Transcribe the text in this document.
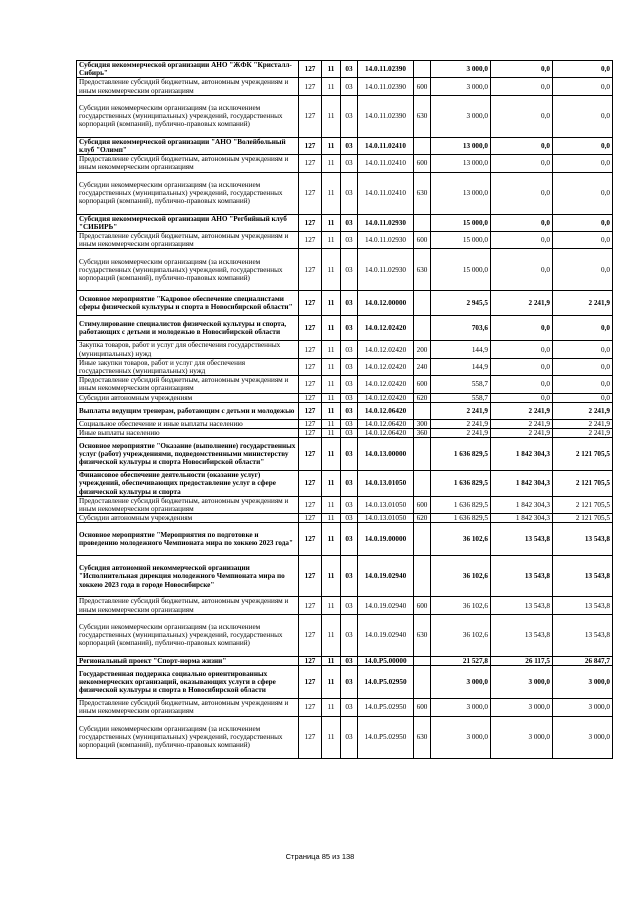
Субсидия некоммерческой организации АНО "ЖФК "Кристалл-Сибирь"	127	11	03	14.0.11.02390		3 000,0	0,0	0,0
Предоставление субсидий бюджетным, автономным учреждениям и иным некоммерческим организациям	127	11	03	14.0.11.02390	600	3 000,0	0,0	0,0
Субсидии некоммерческим организациям (за исключением государственных (муниципальных) учреждений, государственных корпораций (компаний), публично-правовых компаний)	127	11	03	14.0.11.02390	630	3 000,0	0,0	0,0
Субсидия некоммерческой организации "АНО "Волейбольный клуб "Олимп"	127	11	03	14.0.11.02410		13 000,0	0,0	0,0
Предоставление субсидий бюджетным, автономным учреждениям и иным некоммерческим организациям	127	11	03	14.0.11.02410	600	13 000,0	0,0	0,0
Субсидии некоммерческим организациям (за исключением государственных (муниципальных) учреждений, государственных корпораций (компаний), публично-правовых компаний)	127	11	03	14.0.11.02410	630	13 000,0	0,0	0,0
Субсидия некоммерческой организации АНО "Регбийный клуб "СИБИРЬ"	127	11	03	14.0.11.02930		15 000,0	0,0	0,0
Предоставление субсидий бюджетным, автономным учреждениям и иным некоммерческим организациям	127	11	03	14.0.11.02930	600	15 000,0	0,0	0,0
Субсидии некоммерческим организациям (за исключением государственных (муниципальных) учреждений, государственных корпораций (компаний), публично-правовых компаний)	127	11	03	14.0.11.02930	630	15 000,0	0,0	0,0
Основное мероприятие "Кадровое обеспечение специалистами сферы физической культуры и спорта в Новосибирской области"	127	11	03	14.0.12.00000		2 945,5	2 241,9	2 241,9
Стимулирование специалистов физической культуры и спорта, работающих с детьми и молодежью в Новосибирской области	127	11	03	14.0.12.02420		703,6	0,0	0,0
Закупка товаров, работ и услуг для обеспечения государственных (муниципальных) нужд	127	11	03	14.0.12.02420	200	144,9	0,0	0,0
Иные закупки товаров, работ и услуг для обеспечения государственных (муниципальных) нужд	127	11	03	14.0.12.02420	240	144,9	0,0	0,0
Предоставление субсидий бюджетным, автономным учреждениям и иным некоммерческим организациям	127	11	03	14.0.12.02420	600	558,7	0,0	0,0
Субсидии автономным учреждениям	127	11	03	14.0.12.02420	620	558,7	0,0	0,0
Выплаты ведущим тренерам, работающим с детьми и молодежью	127	11	03	14.0.12.06420		2 241,9	2 241,9	2 241,9
Социальное обеспечение и иные выплаты населению	127	11	03	14.0.12.06420	300	2 241,9	2 241,9	2 241,9
Иные выплаты населению	127	11	03	14.0.12.06420	360	2 241,9	2 241,9	2 241,9
Основное мероприятие "Оказание (выполнение) государственных услуг (работ) учреждениями, подведомственными министерству физической культуры и спорта Новосибирской области"	127	11	03	14.0.13.00000		1 636 829,5	1 842 304,3	2 121 705,5
Финансовое обеспечение деятельности (оказание услуг) учреждений, обеспечивающих предоставление услуг в сфере физической культуры и спорта	127	11	03	14.0.13.01050		1 636 829,5	1 842 304,3	2 121 705,5
Предоставление субсидий бюджетным, автономным учреждениям и иным некоммерческим организациям	127	11	03	14.0.13.01050	600	1 636 829,5	1 842 304,3	2 121 705,5
Субсидии автономным учреждениям	127	11	03	14.0.13.01050	620	1 636 829,5	1 842 304,3	2 121 705,5
Основное мероприятие "Мероприятия по подготовке и проведению молодежного Чемпионата мира по хоккею 2023 года"	127	11	03	14.0.19.00000		36 102,6	13 543,8	13 543,8
Субсидия автономной некоммерческой организации "Исполнительная дирекция молодежного Чемпионата мира по хоккею 2023 года в городе Новосибирске"	127	11	03	14.0.19.02940		36 102,6	13 543,8	13 543,8
Предоставление субсидий бюджетным, автономным учреждениям и иным некоммерческим организациям	127	11	03	14.0.19.02940	600	36 102,6	13 543,8	13 543,8
Субсидии некоммерческим организациям (за исключением государственных (муниципальных) учреждений, государственных корпораций (компаний), публично-правовых компаний)	127	11	03	14.0.19.02940	630	36 102,6	13 543,8	13 543,8
Региональный проект "Спорт-норма жизни"	127	11	03	14.0.P5.00000		21 527,8	26 117,5	26 847,7
Государственная поддержка социально ориентированных некоммерческих организаций, оказывающих услуги в сфере физической культуры и спорта в Новосибирской области	127	11	03	14.0.P5.02950		3 000,0	3 000,0	3 000,0
Предоставление субсидий бюджетным, автономным учреждениям и иным некоммерческим организациям	127	11	03	14.0.P5.02950	600	3 000,0	3 000,0	3 000,0
Субсидии некоммерческим организациям (за исключением государственных (муниципальных) учреждений, государственных корпораций (компаний), публично-правовых компаний)	127	11	03	14.0.P5.02950	630	3 000,0	3 000,0	3 000,0
Страница 85 из 138
